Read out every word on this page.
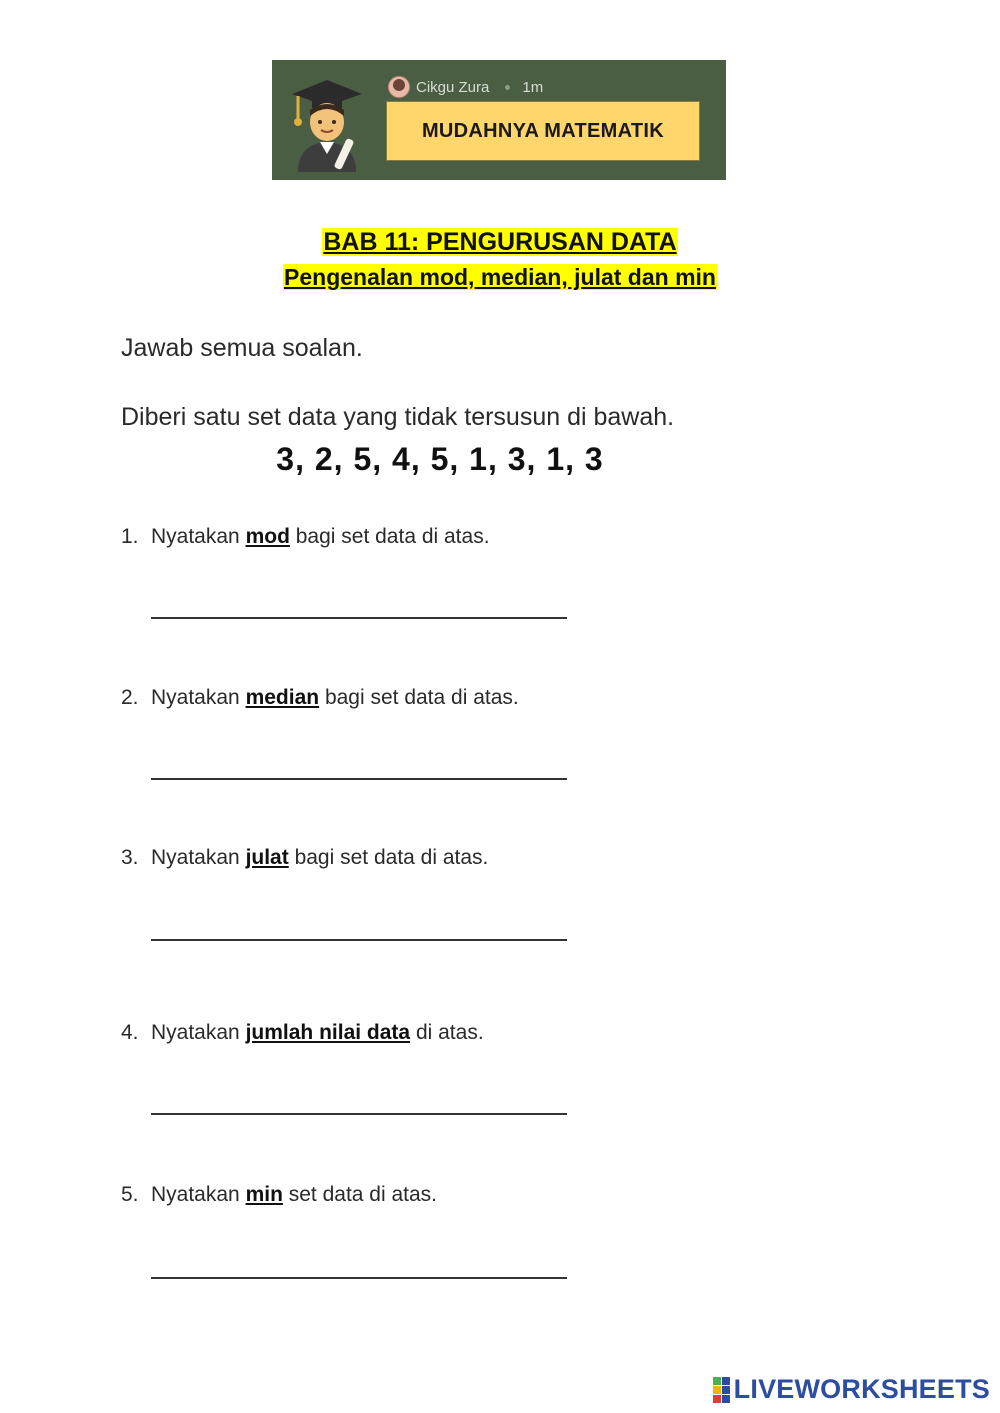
Cikgu Zura 1m
MUDAHNYA MATEMATIK
BAB 11: PENGURUSAN DATA
Pengenalan mod, median, julat dan min
Jawab semua soalan.
Diberi satu set data yang tidak tersusun di bawah.
3, 2, 5, 4, 5, 1, 3, 1, 3
1. Nyatakan mod bagi set data di atas.
2. Nyatakan median bagi set data di atas.
3. Nyatakan julat bagi set data di atas.
4. Nyatakan jumlah nilai data di atas.
5. Nyatakan min set data di atas.
LIVEWORKSHEETS
